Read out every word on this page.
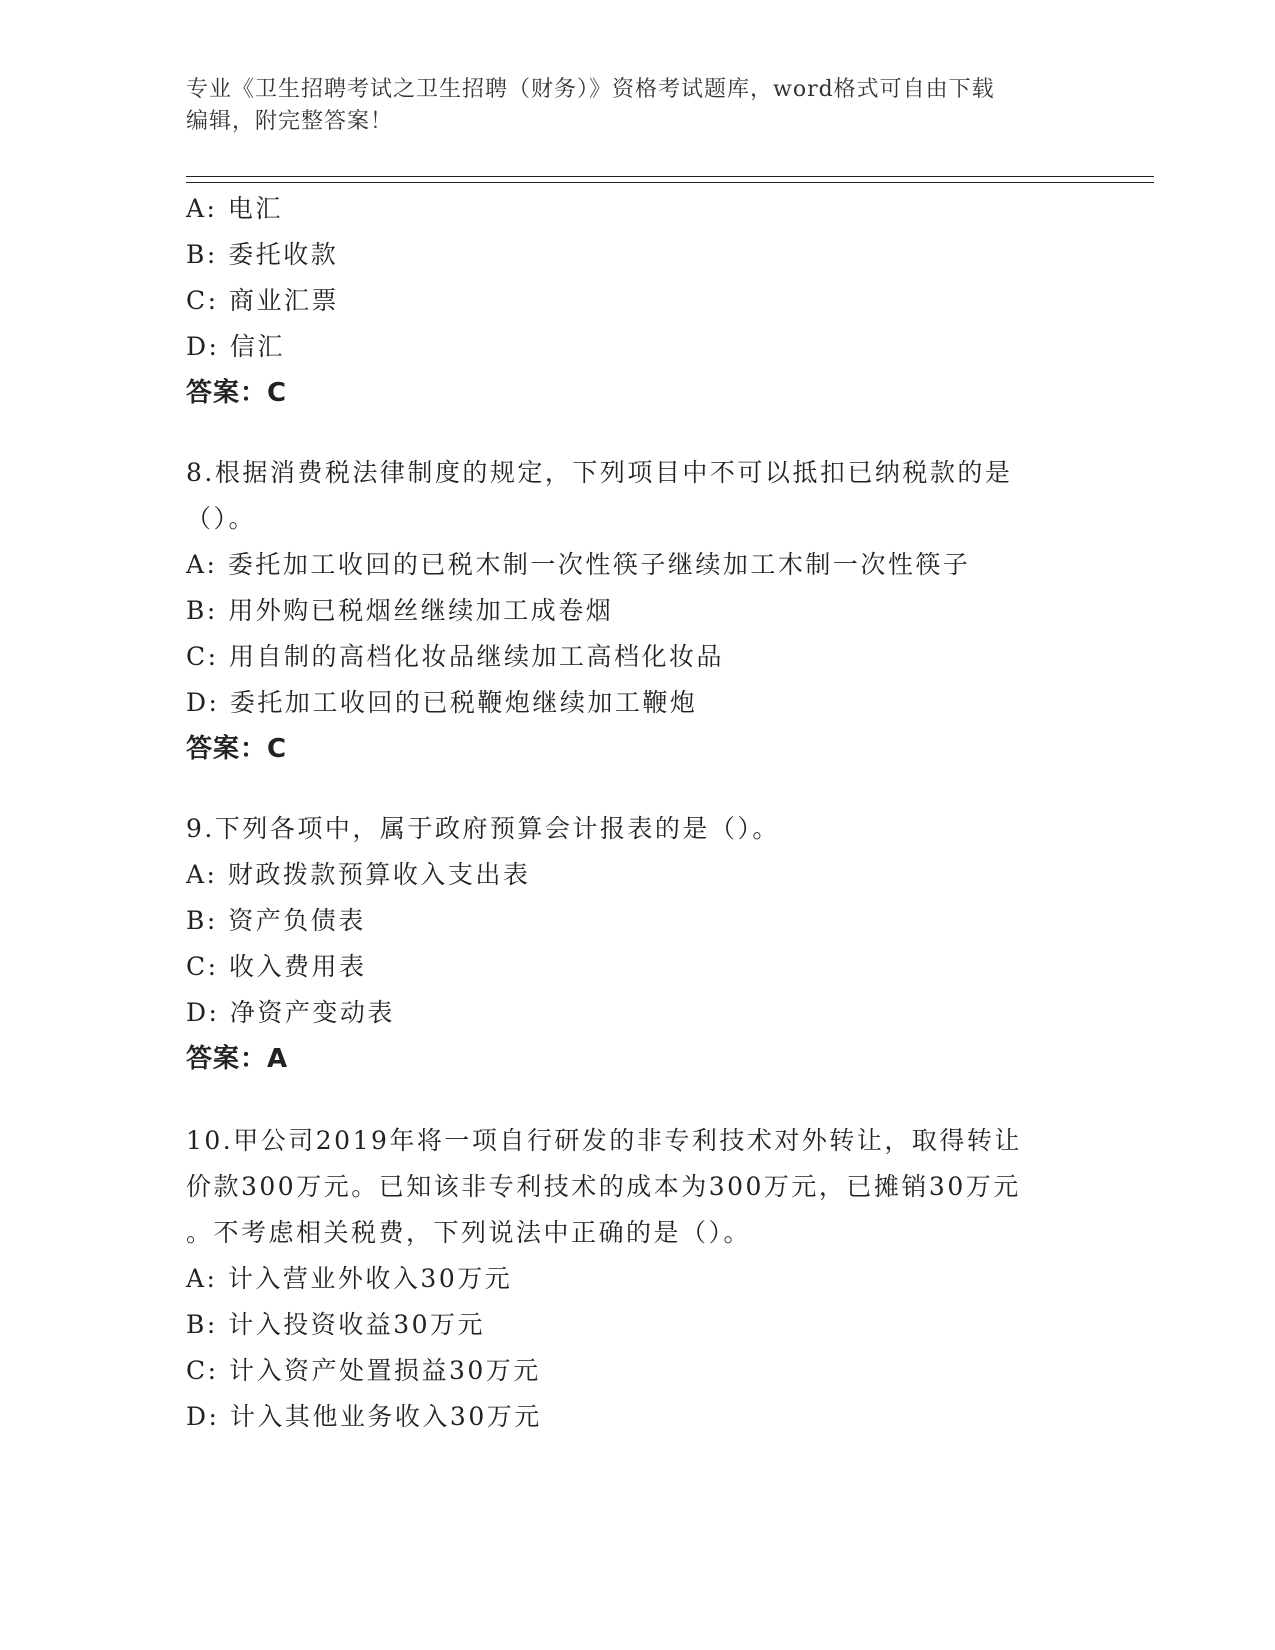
专业《卫生招聘考试之卫生招聘（财务）》资格考试题库，word格式可自由下载
编辑，附完整答案！
A: 电汇
B: 委托收款
C: 商业汇票
D: 信汇
答案：C
8.根据消费税法律制度的规定，下列项目中不可以抵扣已纳税款的是
（）。
A: 委托加工收回的已税木制一次性筷子继续加工木制一次性筷子
B: 用外购已税烟丝继续加工成卷烟
C: 用自制的高档化妆品继续加工高档化妆品
D: 委托加工收回的已税鞭炮继续加工鞭炮
答案：C
9.下列各项中，属于政府预算会计报表的是（）。
A: 财政拨款预算收入支出表
B: 资产负债表
C: 收入费用表
D: 净资产变动表
答案：A
10.甲公司2019年将一项自行研发的非专利技术对外转让，取得转让
价款300万元。已知该非专利技术的成本为300万元，已摊销30万元
。不考虑相关税费，下列说法中正确的是（）。
A: 计入营业外收入30万元
B: 计入投资收益30万元
C: 计入资产处置损益30万元
D: 计入其他业务收入30万元
